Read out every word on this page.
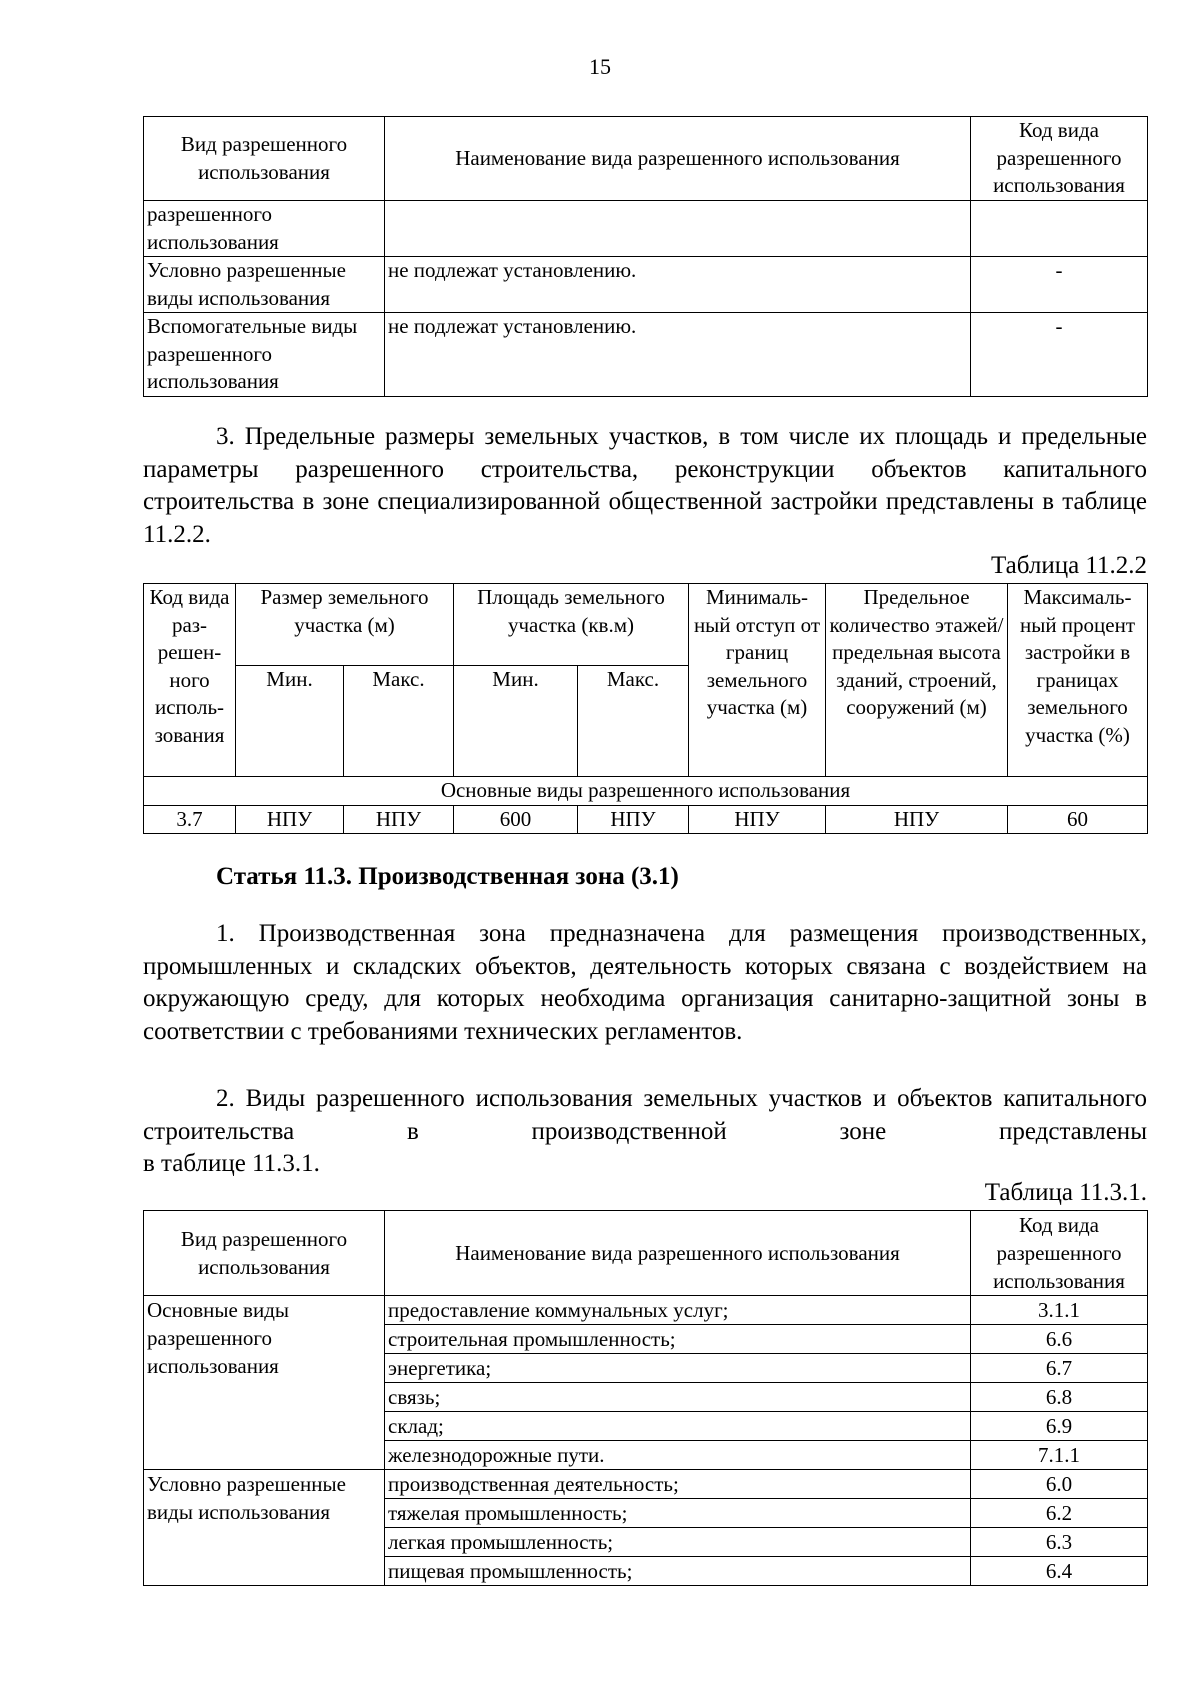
15
Вид разрешенного использования	Наименование вида разрешенного использования	Код вида разрешенного использования
разрешенного использования		
Условно разрешенные виды использования	не подлежат установлению.	-
Вспомогательные виды разрешенного использования	не подлежат установлению.	-
3. Предельные размеры земельных участков, в том числе их площадь и предельные параметры разрешенного строительства, реконструкции объектов капитального строительства в зоне специализированной общественной застройки представлены в таблице 11.2.2.
Таблица 11.2.2
Код вида раз- решен- ного исполь- зования	Размер земельного участка (м)		Площадь земельного участка (кв.м)		Минималь- ный отступ от границ земельного участка (м)	Предельное количество этажей/ предельная высота зданий, строений, сооружений (м)	Максималь- ный процент застройки в границах земельного участка (%)
	Мин.	Макс.	Мин.	Макс.			
Основные виды разрешенного использования							
3.7	НПУ	НПУ	600	НПУ	НПУ	НПУ	60
Статья 11.3. Производственная зона (3.1)
1. Производственная зона предназначена для размещения производственных, промышленных и складских объектов, деятельность которых связана с воздействием на окружающую среду, для которых необходима организация санитарно-защитной зоны в соответствии с требованиями технических регламентов.
2. Виды разрешенного использования земельных участков и объектов капитального строительства в производственной зоне представлены
в таблице 11.3.1.
Таблица 11.3.1.
Вид разрешенного использования	Наименование вида разрешенного использования	Код вида разрешенного использования
Основные виды разрешенного использования	предоставление коммунальных услуг;	3.1.1
	строительная промышленность;	6.6
	энергетика;	6.7
	связь;	6.8
	склад;	6.9
	железнодорожные пути.	7.1.1
Условно разрешенные виды использования	производственная деятельность;	6.0
	тяжелая промышленность;	6.2
	легкая промышленность;	6.3
	пищевая промышленность;	6.4
